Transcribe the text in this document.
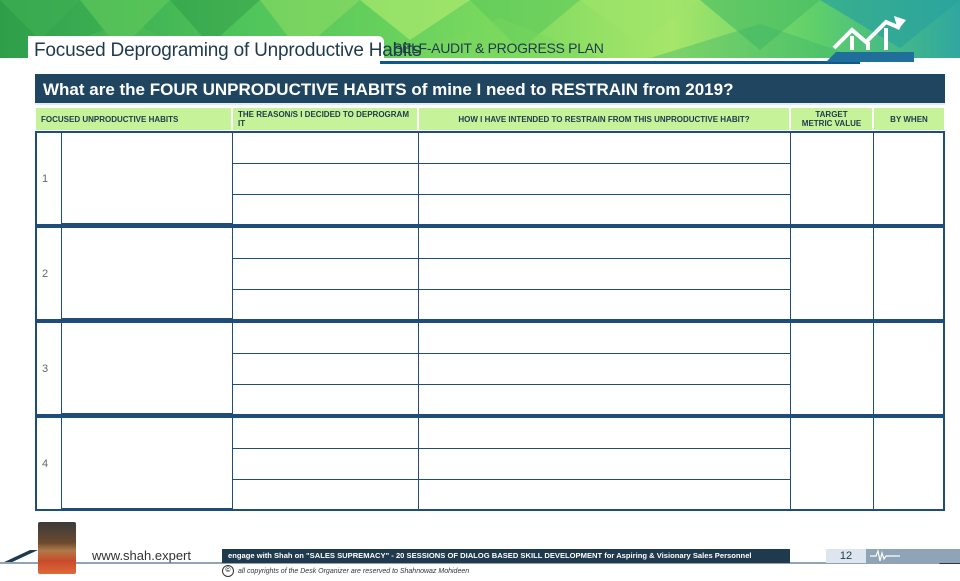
Focused Deprograming of Unproductive Habits
SELF-AUDIT & PROGRESS PLAN
What are the FOUR UNPRODUCTIVE HABITS of mine I need to RESTRAIN from 2019?
FOCUSED UNPRODUCTIVE HABITS	THE REASON/S I DECIDED TO DEPROGRAM IT	HOW I HAVE INTENDED TO RESTRAIN FROM THIS UNPRODUCTIVE HABIT?	TARGET METRIC VALUE	BY WHEN
1
2
3
4
www.shah.expert	engage with Shah on "SALES SUPREMACY" - 20 SESSIONS OF DIALOG BASED SKILL DEVELOPMENT for Aspiring & Visionary Sales Personnel
©	all copyrights of the Desk Organizer are reserved to Shahnowaz Mohideen
12
